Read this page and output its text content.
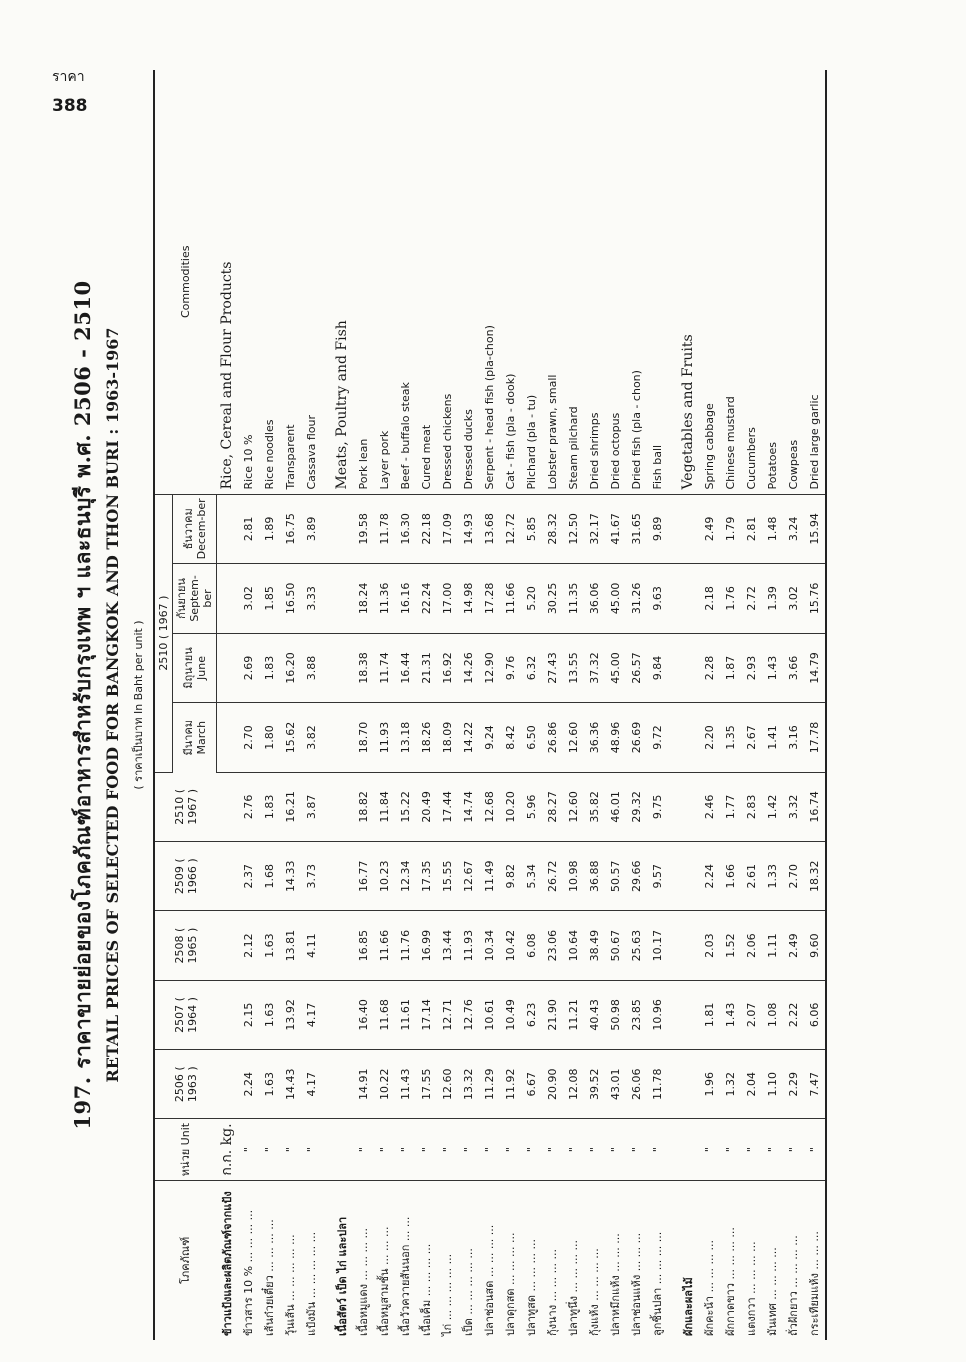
ราคา
388
197. ราคาขายย่อยของโภคภัณฑ์อาหารสำหรับกรุงเทพ ฯ และธนบุรี พ.ศ. 2506 - 2510 RETAIL PRICES OF SELECTED FOOD FOR BANGKOK AND THON BURI : 1963-1967 ( ราคาเป็นบาท In Baht per unit )
โภคภัณฑ์	หน่วย Unit	2506 ( 1963 )	2507 ( 1964 )	2508 ( 1965 )	2509 ( 1966 )	2510 ( 1967 )	2510 ( 1967 )				Commodities
							มีนาคม March	มิถุนายน June	กันยายน Septem-ber	ธันวาคม Decem-ber	
ข้าวแป้งและผลิตภัณฑ์จากแป้ง	ก.ก. kg.										Rice, Cereal and Flour Products
ข้าวสาร 10 % ... ... ... ...	"	2.24	2.15	2.12	2.37	2.76	2.70	2.69	3.02	2.81	Rice 10 %
เส้นก๋วยเตี๋ยว ... ... ... ...	"	1.63	1.63	1.63	1.68	1.83	1.80	1.83	1.85	1.89	Rice noodles
วุ้นเส้น ... ... ... ... ...	"	14.43	13.92	13.81	14.33	16.21	15.62	16.20	16.50	16.75	Transparent
แป้งมัน ... ... ... ... ...	"	4.17	4.17	4.11	3.73	3.87	3.82	3.88	3.33	3.89	Cassava flour

เนื้อสัตว์ เป็ด ไก่ และปลา											Meats, Poultry and Fish
เนื้อหมูแดง ... ... ... ...	"	14.91	16.40	16.85	16.77	18.82	18.70	18.38	18.24	19.58	Pork lean
เนื้อหมูสามชั้น ... ... ...	"	10.22	11.68	11.66	10.23	11.84	11.93	11.74	11.36	11.78	Layer pork
เนื้อวัวควายสันนอก ... ...	"	11.43	11.61	11.76	12.34	15.22	13.18	16.44	16.16	16.30	Beef - buffalo steak
เนื้อเค็ม ... ... ... ...	"	17.55	17.14	16.99	17.35	20.49	18.26	21.31	22.24	22.18	Cured meat
ไก่ ... ... ... ... ...	"	12.60	12.71	13.44	15.55	17.44	18.09	16.92	17.00	17.09	Dressed chickens
เป็ด ... ... ... ... ...	"	13.32	12.76	11.93	12.67	14.74	14.22	14.26	14.98	14.93	Dressed ducks
ปลาช่อนสด ... ... ... ...	"	11.29	10.61	10.34	11.49	12.68	9.24	12.90	17.28	13.68	Serpent - head fish (pla-chon)
ปลาดุกสด ... ... ... ...	"	11.92	10.49	10.42	9.82	10.20	8.42	9.76	11.66	12.72	Cat - fish (pla - dook)
ปลาทูสด ... ... ... ...	"	6.67	6.23	6.08	5.34	5.96	6.50	6.32	5.20	5.85	Pilchard (pla - tu)
กุ้งนาง ... ... ... ...	"	20.90	21.90	23.06	26.72	28.27	26.86	27.43	30.25	28.32	Lobster prawn, small
ปลาทูนึ่ง ... ... ... ...	"	12.08	11.21	10.64	10.98	12.60	12.60	13.55	11.35	12.50	Steam pilchard
กุ้งแห้ง ... ... ... ...	"	39.52	40.43	38.49	36.88	35.82	36.36	37.32	36.06	32.17	Dried shrimps
ปลาหมึกแห้ง ... ... ...	"	43.01	50.98	50.67	50.57	46.01	48.96	45.00	45.00	41.67	Dried octopus
ปลาช่อนแห้ง ... ... ...	"	26.06	23.85	25.63	29.66	29.32	26.69	26.57	31.26	31.65	Dried fish (pla - chon)
ลูกชิ้นปลา ... ... ... ...	"	11.78	10.96	10.17	9.57	9.75	9.72	9.84	9.63	9.89	Fish ball

ผักและผลไม้											Vegetables and Fruits
ผักคะน้า ... ... ... ...	"	1.96	1.81	2.03	2.24	2.46	2.20	2.28	2.18	2.49	Spring cabbage
ผักกาดขาว ... ... ... ...	"	1.32	1.43	1.52	1.66	1.77	1.35	1.87	1.76	1.79	Chinese mustard
แตงกวา ... ... ... ...	"	2.04	2.07	2.06	2.61	2.83	2.67	2.93	2.72	2.81	Cucumbers
มันเทศ ... ... ... ...	"	1.10	1.08	1.11	1.33	1.42	1.41	1.43	1.39	1.48	Potatoes
ถั่วฝักยาว ... ... ... ...	"	2.29	2.22	2.49	2.70	3.32	3.16	3.66	3.02	3.24	Cowpeas
กระเทียมแห้ง ... ... ...	"	7.47	6.06	9.60	18.32	16.74	17.78	14.79	15.76	15.94	Dried large garlic
